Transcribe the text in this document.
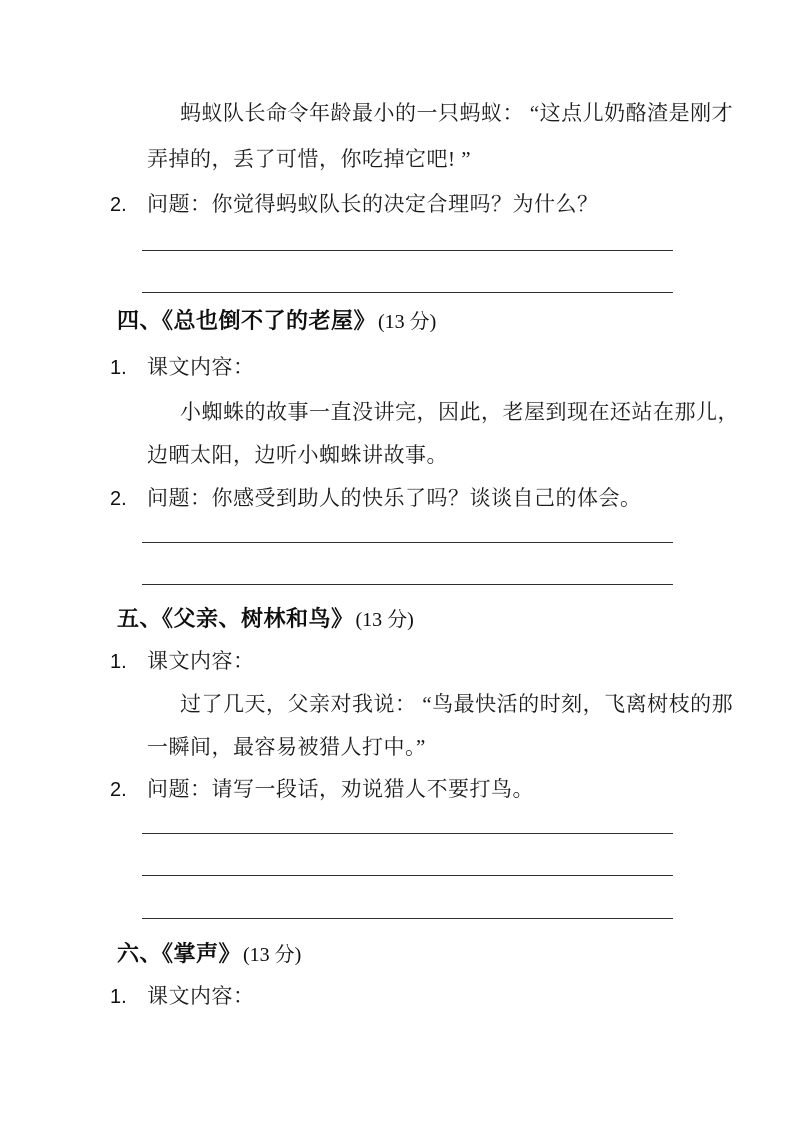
蚂蚁队长命令年龄最小的一只蚂蚁： “这点儿奶酪渣是刚才
弄掉的，丢了可惜，你吃掉它吧! ”
2. 问题：你觉得蚂蚁队长的决定合理吗？为什么？
四、《总也倒不了的老屋》 (13 分)
1. 课文内容：
小蜘蛛的故事一直没讲完，因此，老屋到现在还站在那儿，
边晒太阳，边听小蜘蛛讲故事。
2. 问题：你感受到助人的快乐了吗？谈谈自己的体会。
五、《父亲、树林和鸟》 (13 分)
1. 课文内容：
过了几天，父亲对我说： “鸟最快活的时刻，飞离树枝的那
一瞬间，最容易被猎人打中。”
2. 问题：请写一段话，劝说猎人不要打鸟。
六、《掌声》 (13 分)
1. 课文内容：
